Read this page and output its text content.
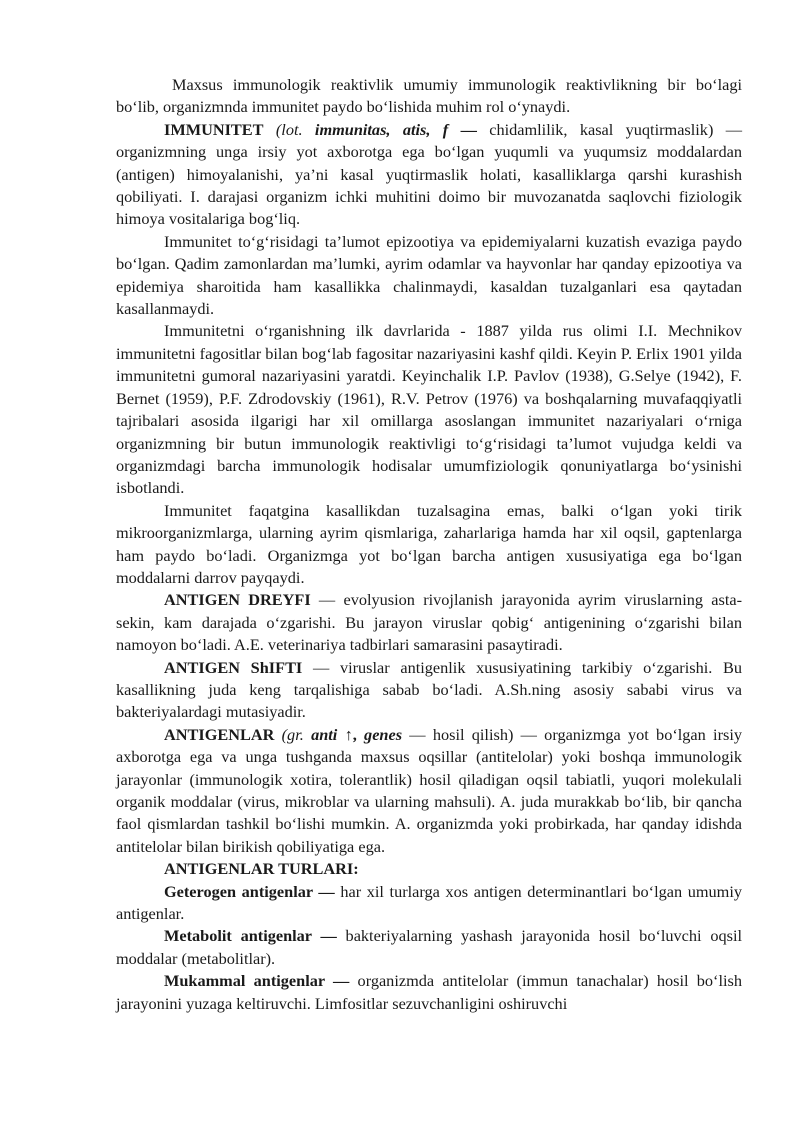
Maxsus immunologik reaktivlik umumiy immunologik reaktivlikning bir bo‘lagi bo‘lib, organizmnda immunitet paydo bo‘lishida muhim rol o‘ynaydi.

IMMUNITET (lot. immunitas, atis, f — chidamlilik, kasal yuqtirmaslik) — organizmning unga irsiy yot axborotga ega bo‘lgan yuqumli va yuqumsiz moddalardan (antigen) himoyalanishi, ya’ni kasal yuqtirmaslik holati, kasalliklarga qarshi kurashish qobiliyati. I. darajasi organizm ichki muhitini doimo bir muvozanatda saqlovchi fiziologik himoya vositalariga bog‘liq.

Immunitet to‘g‘risidagi ta’lumot epizootiya va epidemiyalarni kuzatish evaziga paydo bo‘lgan. Qadim zamonlardan ma’lumki, ayrim odamlar va hayvonlar har qanday epizootiya va epidemiya sharoitida ham kasallikka chalinmaydi, kasaldan tuzalganlari esa qaytadan kasallanmaydi.

Immunitetni o‘rganishning ilk davrlarida - 1887 yilda rus olimi I.I. Mechnikov immunitetni fagositlar bilan bog‘lab fagositar nazariyasini kashf qildi. Keyin P. Erlix 1901 yilda immunitetni gumoral nazariyasini yaratdi. Keyinchalik I.P. Pavlov (1938), G.Selye (1942), F. Bernet (1959), P.F. Zdrodovskiy (1961), R.V. Petrov (1976) va boshqalarning muvafaqqiyatli tajribalari asosida ilgarigi har xil omillarga asoslangan immunitet nazariyalari o‘rniga organizmning bir butun immunologik reaktivligi to‘g‘risidagi ta’lumot vujudga keldi va organizmdagi barcha immunologik hodisalar umumfiziologik qonuniyatlarga bo‘ysinishi isbotlandi.

Immunitet faqatgina kasallikdan tuzalsagina emas, balki o‘lgan yoki tirik mikroorganizmlarga, ularning ayrim qismlariga, zaharlariga hamda har xil oqsil, gaptenlarga ham paydo bo‘ladi. Organizmga yot bo‘lgan barcha antigen xususiyatiga ega bo‘lgan moddalarni darrov payqaydi.

ANTIGEN DREYFI — evolyusion rivojlanish jarayonida ayrim viruslarning asta-sekin, kam darajada o‘zgarishi. Bu jarayon viruslar qobig‘ antigenining o‘zgarishi bilan namoyon bo‘ladi. A.E. veterinariya tadbirlari samarasini pasaytiradi.

ANTIGEN ShIFTI — viruslar antigenlik xususiyatining tarkibiy o‘zgarishi. Bu kasallikning juda keng tarqalishiga sabab bo‘ladi. A.Sh.ning asosiy sababi virus va bakteriyalardagi mutasiyadir.

ANTIGENLAR (gr. anti ↑, genes — hosil qilish) — organizmga yot bo‘lgan irsiy axborotga ega va unga tushganda maxsus oqsillar (antitelolar) yoki boshqa immunologik jarayonlar (immunologik xotira, tolerantlik) hosil qiladigan oqsil tabiatli, yuqori molekulali organik moddalar (virus, mikroblar va ularning mahsuli). A. juda murakkab bo‘lib, bir qancha faol qismlardan tashkil bo‘lishi mumkin. A. organizmda yoki probirkada, har qanday idishda antitelolar bilan birikish qobiliyatiga ega.

ANTIGENLAR TURLARI:

Geterogen antigenlar — har xil turlarga xos antigen determinantlari bo‘lgan umumiy antigenlar.

Metabolit antigenlar — bakteriyalarning yashash jarayonida hosil bo‘luvchi oqsil moddalar (metabolitlar).

Mukammal antigenlar — organizmda antitelolar (immun tanachalar) hosil bo‘lish jarayonini yuzaga keltiruvchi. Limfositlar sezuvchanligini oshiruvchi
